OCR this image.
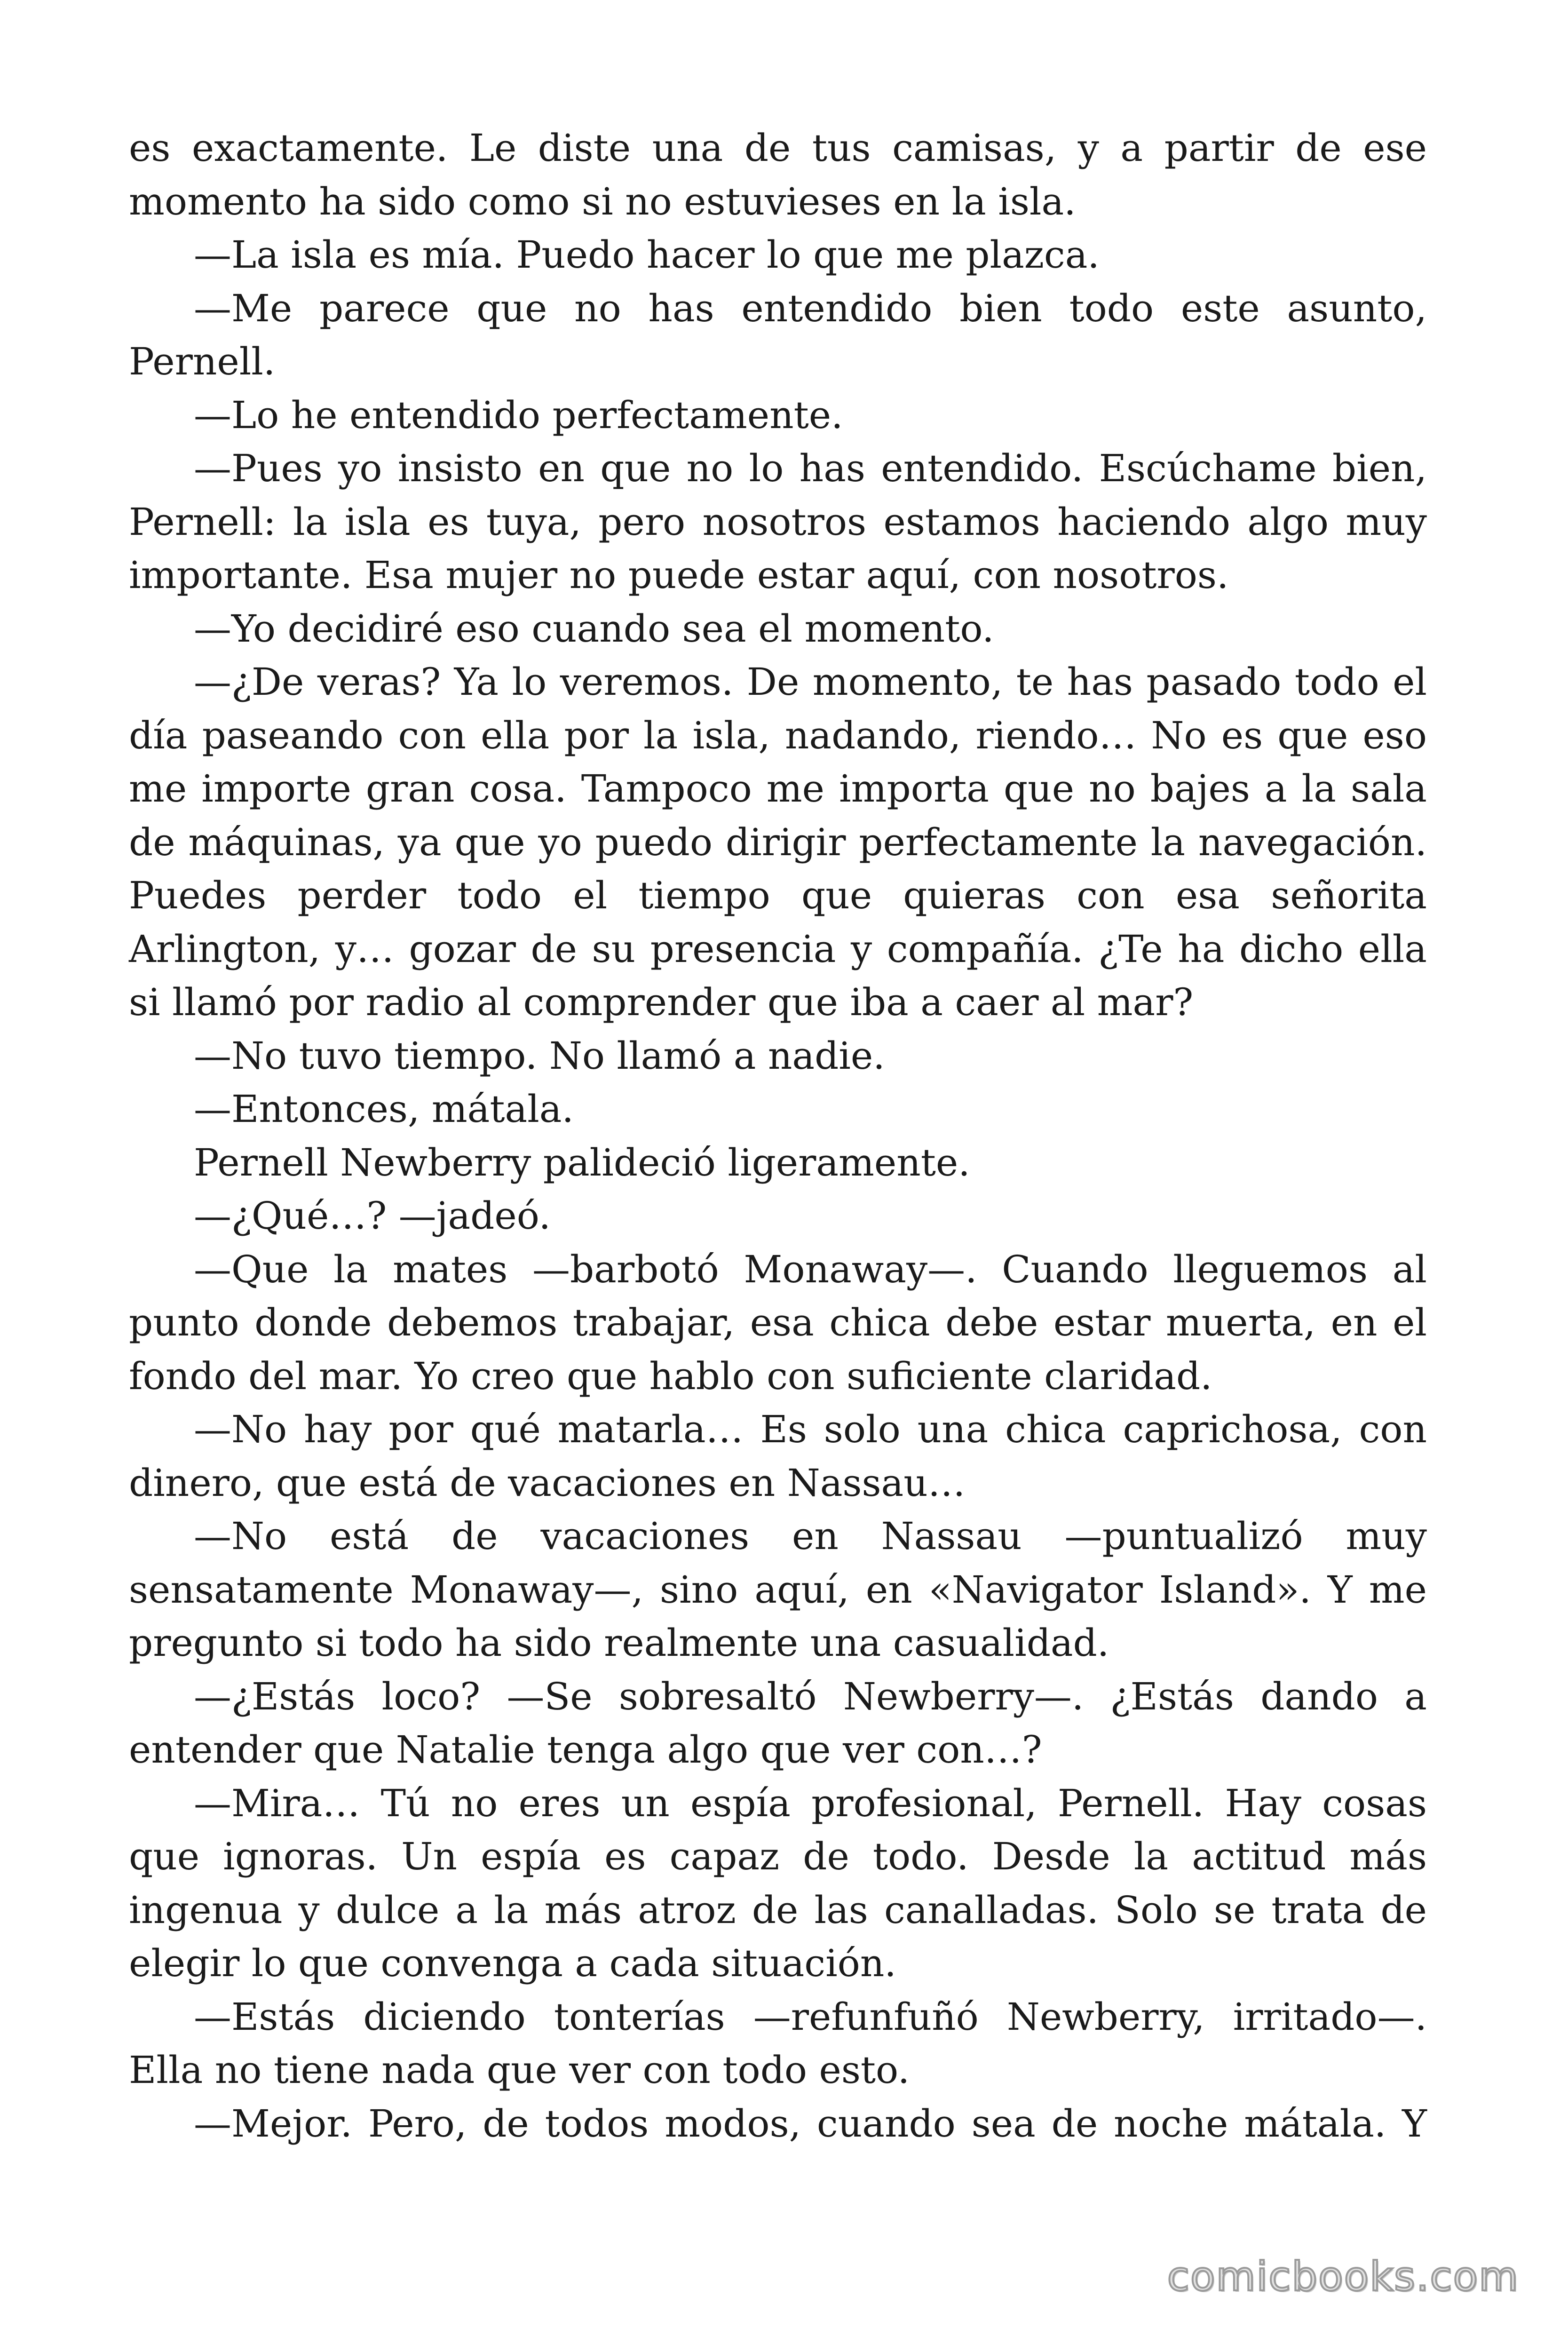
es exactamente. Le diste una de tus camisas, y a partir de ese momento ha sido como si no estuvieses en la isla.

—La isla es mía. Puedo hacer lo que me plazca.

—Me parece que no has entendido bien todo este asunto, Pernell.

—Lo he entendido perfectamente.

—Pues yo insisto en que no lo has entendido. Escúchame bien, Pernell: la isla es tuya, pero nosotros estamos haciendo algo muy importante. Esa mujer no puede estar aquí, con nosotros.

—Yo decidiré eso cuando sea el momento.

—¿De veras? Ya lo veremos. De momento, te has pasado todo el día paseando con ella por la isla, nadando, riendo… No es que eso me importe gran cosa. Tampoco me importa que no bajes a la sala de máquinas, ya que yo puedo dirigir perfectamente la navegación. Puedes perder todo el tiempo que quieras con esa señorita Arlington, y… gozar de su presencia y compañía. ¿Te ha dicho ella si llamó por radio al comprender que iba a caer al mar?

—No tuvo tiempo. No llamó a nadie.

—Entonces, mátala.

Pernell Newberry palideció ligeramente.

—¿Qué…? —jadeó.

—Que la mates —barbotó Monaway—. Cuando lleguemos al punto donde debemos trabajar, esa chica debe estar muerta, en el fondo del mar. Yo creo que hablo con suficiente claridad.

—No hay por qué matarla… Es solo una chica caprichosa, con dinero, que está de vacaciones en Nassau…

—No está de vacaciones en Nassau —puntualizó muy sensatamente Monaway—, sino aquí, en «Navigator Island». Y me pregunto si todo ha sido realmente una casualidad.

—¿Estás loco? —Se sobresaltó Newberry—. ¿Estás dando a entender que Natalie tenga algo que ver con…?

—Mira… Tú no eres un espía profesional, Pernell. Hay cosas que ignoras. Un espía es capaz de todo. Desde la actitud más ingenua y dulce a la más atroz de las canalladas. Solo se trata de elegir lo que convenga a cada situación.

—Estás diciendo tonterías —refunfuñó Newberry, irritado—. Ella no tiene nada que ver con todo esto.

—Mejor. Pero, de todos modos, cuando sea de noche mátala. Y

comicbooks.com
